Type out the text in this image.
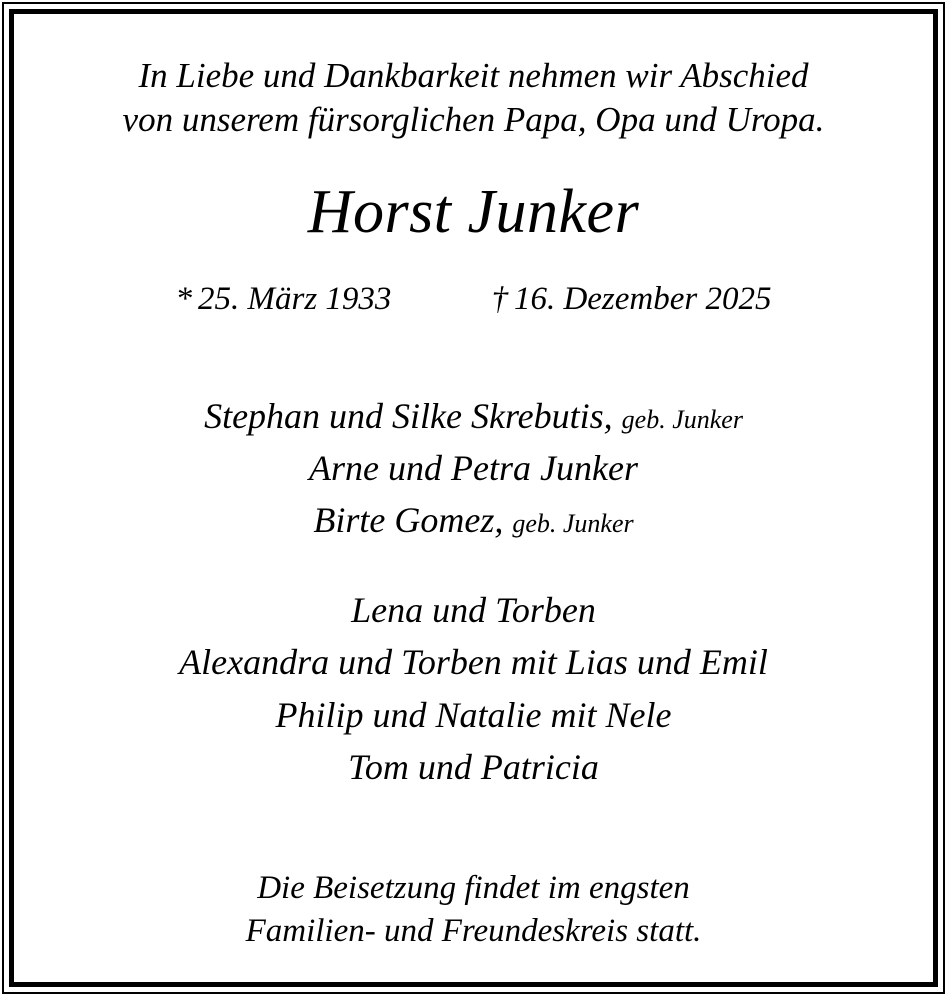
In Liebe und Dankbarkeit nehmen wir Abschied
von unserem fürsorglichen Papa, Opa und Uropa.
Horst Junker
* 25. März 1933	† 16. Dezember 2025
Stephan und Silke Skrebutis, geb. Junker
Arne und Petra Junker
Birte Gomez, geb. Junker
Lena und Torben
Alexandra und Torben mit Lias und Emil
Philip und Natalie mit Nele
Tom und Patricia
Die Beisetzung findet im engsten
Familien- und Freundeskreis statt.
